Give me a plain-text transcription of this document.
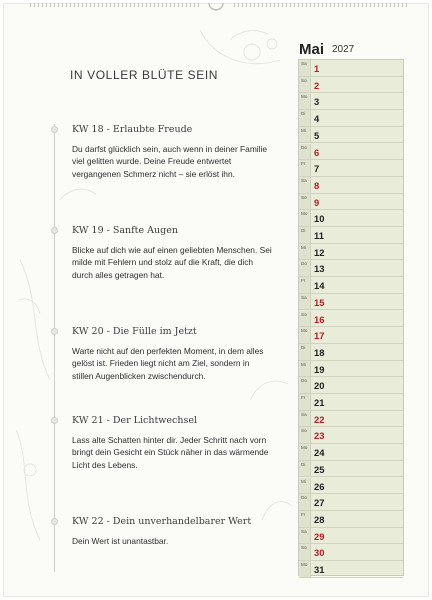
IN VOLLER BLÜTE SEIN

KW 18 - Erlaubte Freude

Du darfst glücklich sein, auch wenn in deiner Familie viel gelitten wurde. Deine Freude entwertet vergangenen Schmerz nicht – sie erlöst ihn.

KW 19 - Sanfte Augen

Blicke auf dich wie auf einen geliebten Menschen. Sei milde mit Fehlern und stolz auf die Kraft, die dich durch alles getragen hat.

KW 20 - Die Fülle im Jetzt

Warte nicht auf den perfekten Moment, in dem alles gelöst ist. Frieden liegt nicht am Ziel, sondern in stillen Augenblicken zwischendurch.

KW 21 - Der Lichtwechsel

Lass alte Schatten hinter dir. Jeder Schritt nach vorn bringt dein Gesicht ein Stück näher in das wärmende Licht des Lebens.

KW 22 - Dein unverhandelbarer Wert

Dein Wert ist unantastbar.

Mai 2027
Sa 1
So 2
Mo 3
Di 4
Mi 5
Do 6
Fr 7
Sa 8
So 9
Mo 10
Di 11
Mi 12
Do 13
Fr 14
Sa 15
So 16
Mo 17
Di 18
Mi 19
Do 20
Fr 21
Sa 22
So 23
Mo 24
Di 25
Mi 26
Do 27
Fr 28
Sa 29
So 30
Mo 31
